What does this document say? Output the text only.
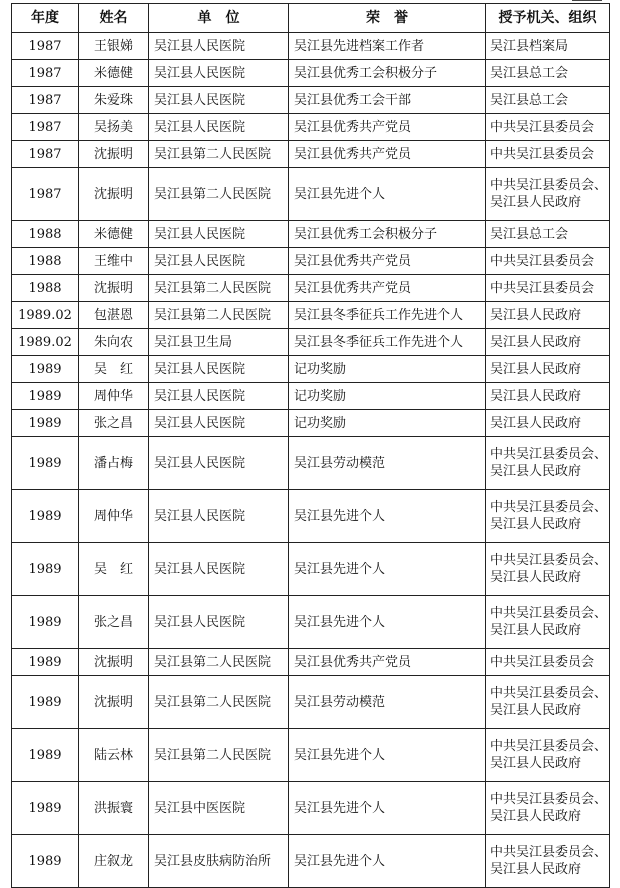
年度	姓名	单　位	荣　誉	授予机关、组织
1987	王银娣	吴江县人民医院	吴江县先进档案工作者	吴江县档案局
1987	米德健	吴江县人民医院	吴江县优秀工会积极分子	吴江县总工会
1987	朱爱珠	吴江县人民医院	吴江县优秀工会干部	吴江县总工会
1987	吴扬美	吴江县人民医院	吴江县优秀共产党员	中共吴江县委员会
1987	沈振明	吴江县第二人民医院	吴江县优秀共产党员	中共吴江县委员会
1987	沈振明	吴江县第二人民医院	吴江县先进个人	中共吴江县委员会、吴江县人民政府
1988	米德健	吴江县人民医院	吴江县优秀工会积极分子	吴江县总工会
1988	王维中	吴江县人民医院	吴江县优秀共产党员	中共吴江县委员会
1988	沈振明	吴江县第二人民医院	吴江县优秀共产党员	中共吴江县委员会
1989.02	包湛恩	吴江县第二人民医院	吴江县冬季征兵工作先进个人	吴江县人民政府
1989.02	朱向农	吴江县卫生局	吴江县冬季征兵工作先进个人	吴江县人民政府
1989	吴　红	吴江县人民医院	记功奖励	吴江县人民政府
1989	周仲华	吴江县人民医院	记功奖励	吴江县人民政府
1989	张之昌	吴江县人民医院	记功奖励	吴江县人民政府
1989	潘占梅	吴江县人民医院	吴江县劳动模范	中共吴江县委员会、吴江县人民政府
1989	周仲华	吴江县人民医院	吴江县先进个人	中共吴江县委员会、吴江县人民政府
1989	吴　红	吴江县人民医院	吴江县先进个人	中共吴江县委员会、吴江县人民政府
1989	张之昌	吴江县人民医院	吴江县先进个人	中共吴江县委员会、吴江县人民政府
1989	沈振明	吴江县第二人民医院	吴江县优秀共产党员	中共吴江县委员会
1989	沈振明	吴江县第二人民医院	吴江县劳动模范	中共吴江县委员会、吴江县人民政府
1989	陆云林	吴江县第二人民医院	吴江县先进个人	中共吴江县委员会、吴江县人民政府
1989	洪振寰	吴江县中医医院	吴江县先进个人	中共吴江县委员会、吴江县人民政府
1989	庄叙龙	吴江县皮肤病防治所	吴江县先进个人	中共吴江县委员会、吴江县人民政府
